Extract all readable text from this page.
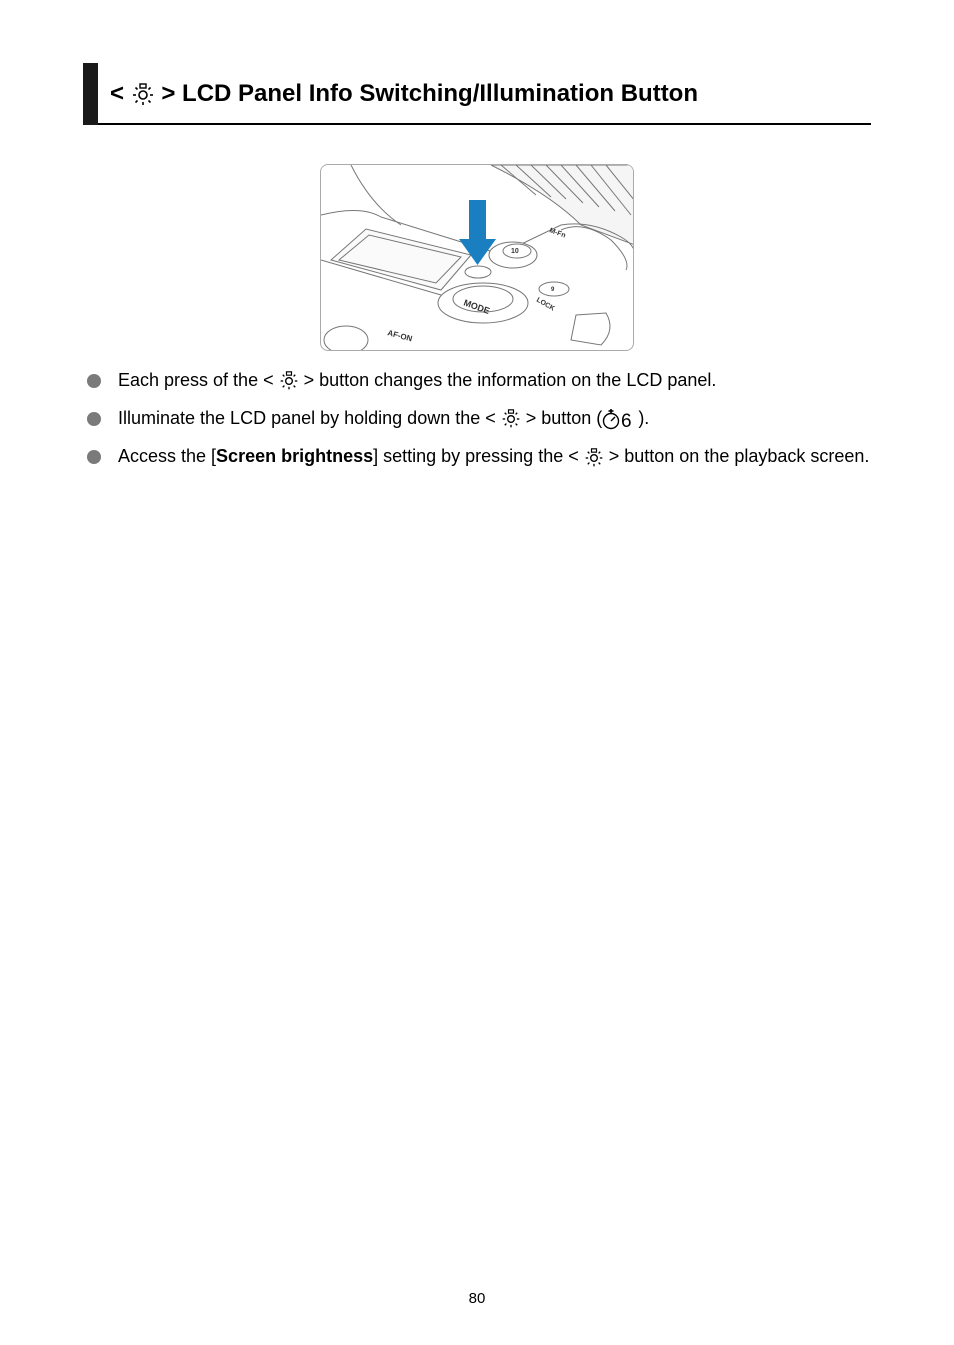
<  > LCD Panel Info Switching/Illumination Button
MODE
AF-ON
LOCK
10
M-Fn
9
Each press of the <  > button changes the information on the LCD panel.
Illuminate the LCD panel by holding down the <  > button ( 6 ).
Access the [Screen brightness] setting by pressing the <  > button on the playback screen.
80
